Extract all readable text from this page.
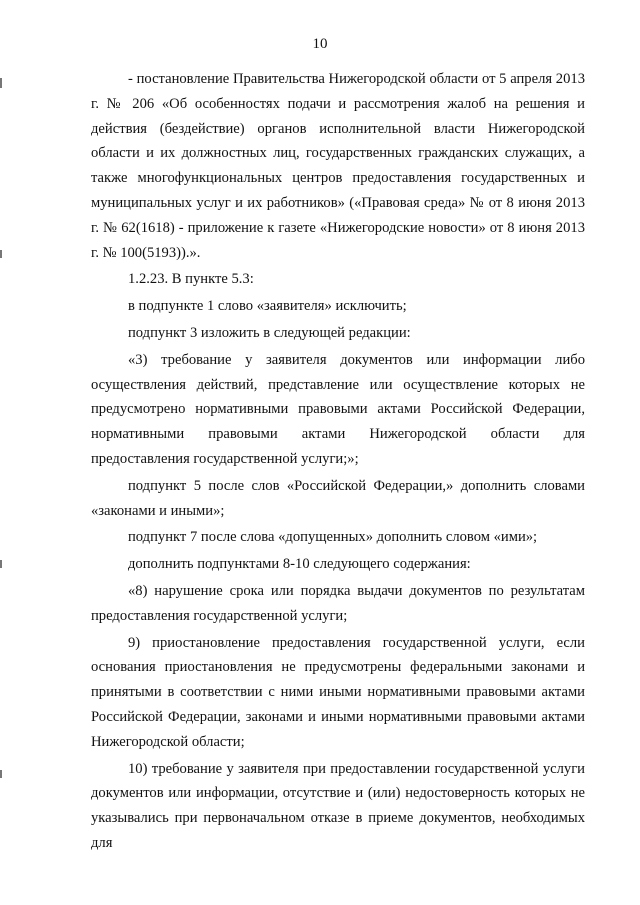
10

- постановление Правительства Нижегородской области от 5 апреля 2013 г. № 206 «Об особенностях подачи и рассмотрения жалоб на решения и действия (бездействие) органов исполнительной власти Нижегородской области и их должностных лиц, государственных гражданских служащих, а также многофункциональных центров предоставления государственных и муниципальных услуг и их работников» («Правовая среда» № от 8 июня 2013 г. № 62(1618) - приложение к газете «Нижегородские новости» от 8 июня 2013 г. № 100(5193)).».

1.2.23. В пункте 5.3:

в подпункте 1 слово «заявителя» исключить;

подпункт 3 изложить в следующей редакции:

«3) требование у заявителя документов или информации либо осуществления действий, представление или осуществление которых не предусмотрено нормативными правовыми актами Российской Федерации, нормативными правовыми актами Нижегородской области для предоставления государственной услуги;»;

подпункт 5 после слов «Российской Федерации,» дополнить словами «законами и иными»;

подпункт 7 после слова «допущенных» дополнить словом «ими»;

дополнить подпунктами 8-10 следующего содержания:

«8) нарушение срока или порядка выдачи документов по результатам предоставления государственной услуги;

9) приостановление предоставления государственной услуги, если основания приостановления не предусмотрены федеральными законами и принятыми в соответствии с ними иными нормативными правовыми актами Российской Федерации, законами и иными нормативными правовыми актами Нижегородской области;

10) требование у заявителя при предоставлении государственной услуги документов или информации, отсутствие и (или) недостоверность которых не указывались при первоначальном отказе в приеме документов, необходимых для
